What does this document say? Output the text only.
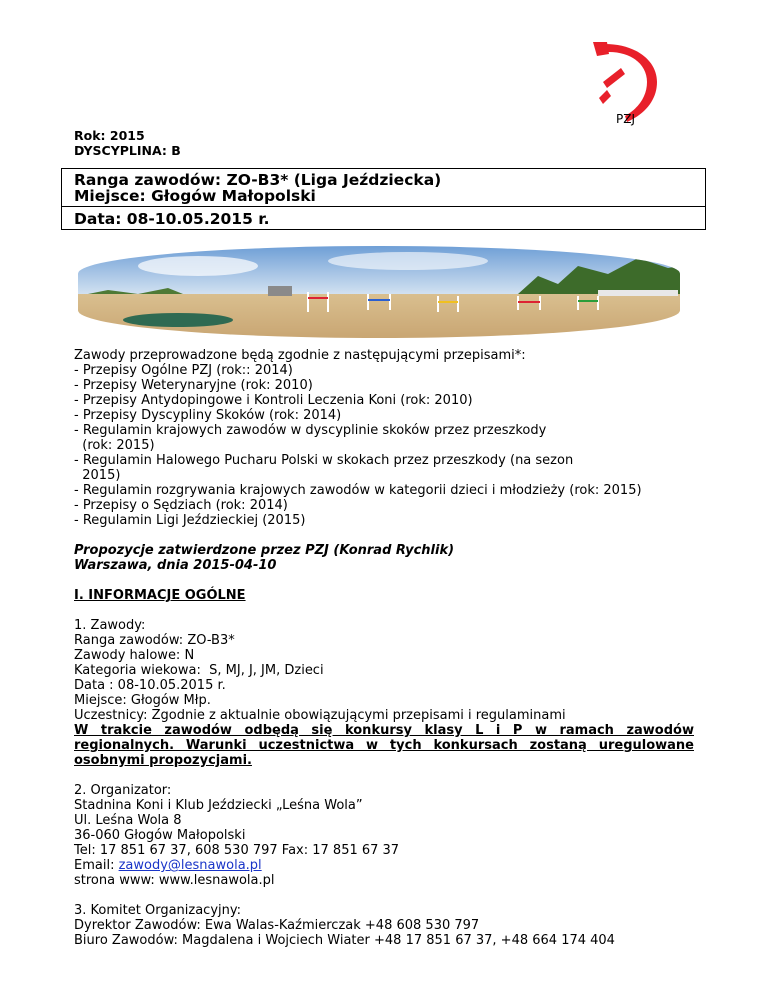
PZJ
Rok: 2015
DYSCYPLINA: B
Ranga zawodów: ZO-B3* (Liga Jeździecka)
Miejsce: Głogów Małopolski
Data: 08-10.05.2015 r.
Zawody przeprowadzone będą zgodnie z następującymi przepisami*:
- Przepisy Ogólne PZJ (rok:: 2014)
- Przepisy Weterynaryjne (rok: 2010)
- Przepisy Antydopingowe i Kontroli Leczenia Koni (rok: 2010)
- Przepisy Dyscypliny Skoków (rok: 2014)
- Regulamin krajowych zawodów w dyscyplinie skoków przez przeszkody
(rok: 2015)
- Regulamin Halowego Pucharu Polski w skokach przez przeszkody (na sezon
2015)
- Regulamin rozgrywania krajowych zawodów w kategorii dzieci i młodzieży (rok: 2015)
- Przepisy o Sędziach (rok: 2014)
- Regulamin Ligi Jeździeckiej (2015)
Propozycje zatwierdzone przez PZJ (Konrad Rychlik)
Warszawa, dnia 2015-04-10
I. INFORMACJE OGÓLNE
1. Zawody:
Ranga zawodów: ZO-B3*
Zawody halowe: N
Kategoria wiekowa:  S, MJ, J, JM, Dzieci
Data : 08-10.05.2015 r.
Miejsce: Głogów Młp.
Uczestnicy: Zgodnie z aktualnie obowiązującymi przepisami i regulaminami
W trakcie zawodów odbędą się konkursy klasy L i P w ramach zawodów regionalnych. Warunki uczestnictwa w tych konkursach zostaną uregulowane osobnymi propozycjami.
2. Organizator:
Stadnina Koni i Klub Jeździecki „Leśna Wola”
Ul. Leśna Wola 8
36-060 Głogów Małopolski
Tel: 17 851 67 37, 608 530 797 Fax: 17 851 67 37
Email: zawody@lesnawola.pl
strona www: www.lesnawola.pl
3. Komitet Organizacyjny:
Dyrektor Zawodów: Ewa Walas-Kaźmierczak +48 608 530 797
Biuro Zawodów: Magdalena i Wojciech Wiater +48 17 851 67 37, +48 664 174 404
